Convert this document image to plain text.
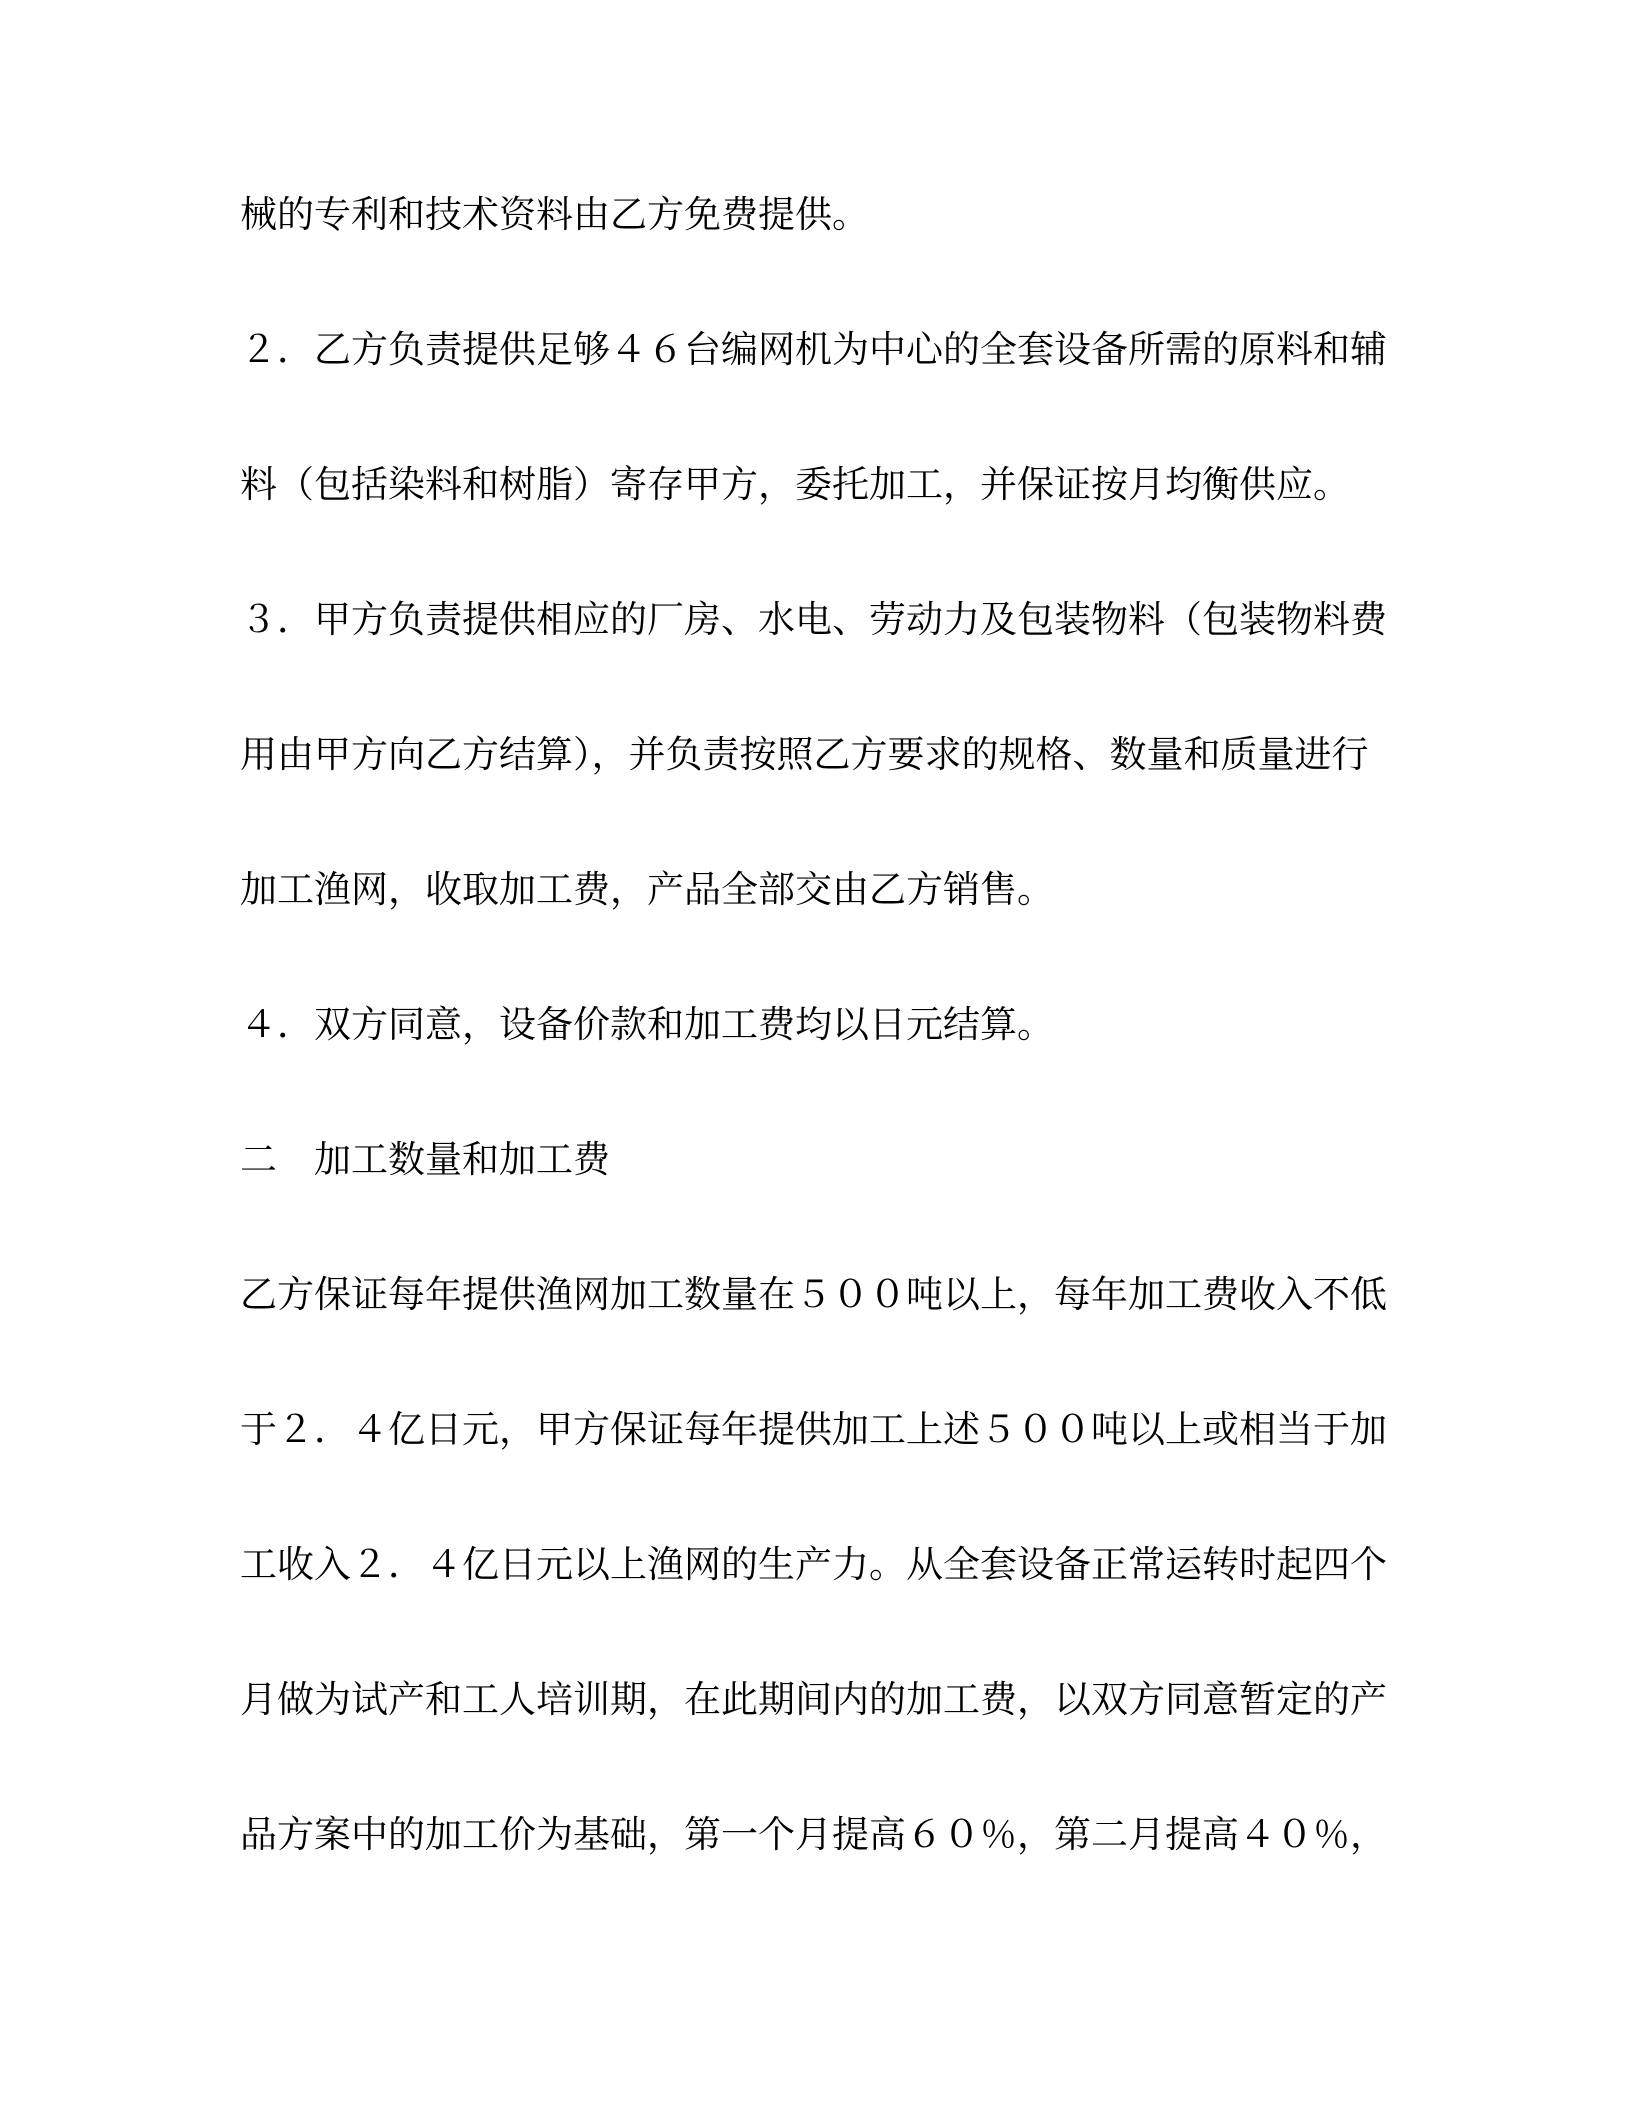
械的专利和技术资料由乙方免费提供。

２．乙方负责提供足够４６台编网机为中心的全套设备所需的原料和辅

料（包括染料和树脂）寄存甲方，委托加工，并保证按月均衡供应。

３．甲方负责提供相应的厂房、水电、劳动力及包装物料（包装物料费

用由甲方向乙方结算），并负责按照乙方要求的规格、数量和质量进行

加工渔网，收取加工费，产品全部交由乙方销售。

４．双方同意，设备价款和加工费均以日元结算。

二　加工数量和加工费

乙方保证每年提供渔网加工数量在５００吨以上，每年加工费收入不低

于２．４亿日元，甲方保证每年提供加工上述５００吨以上或相当于加

工收入２．４亿日元以上渔网的生产力。从全套设备正常运转时起四个

月做为试产和工人培训期，在此期间内的加工费，以双方同意暂定的产

品方案中的加工价为基础，第一个月提高６０％，第二月提高４０％，
